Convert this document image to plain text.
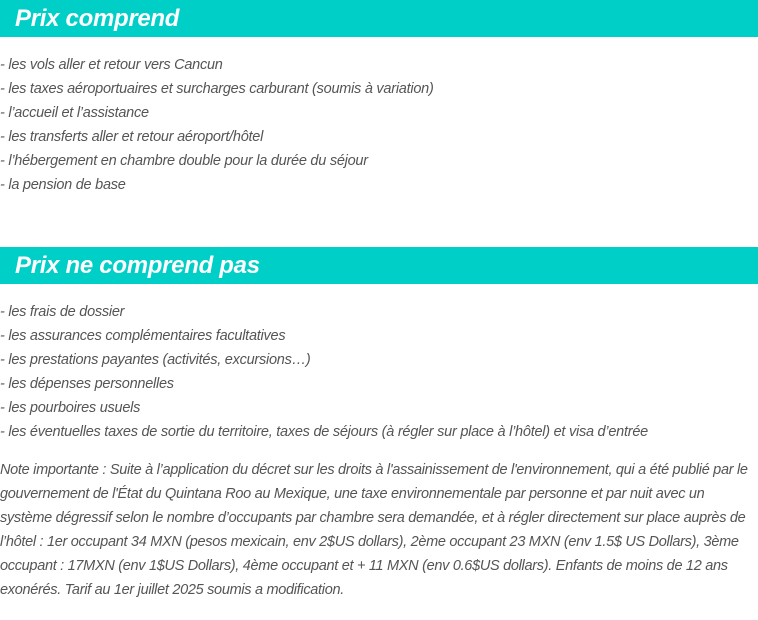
Prix comprend
- les vols aller et retour vers Cancun
- les taxes aéroportuaires et surcharges carburant (soumis à variation)
- l’accueil et l’assistance
- les transferts aller et retour aéroport/hôtel
- l’hébergement en chambre double pour la durée du séjour
- la pension de base
Prix ne comprend pas
- les frais de dossier
- les assurances complémentaires facultatives
- les prestations payantes (activités, excursions…)
- les dépenses personnelles
- les pourboires usuels
- les éventuelles taxes de sortie du territoire, taxes de séjours (à régler sur place à l’hôtel) et visa d’entrée

Note importante : Suite à l’application du décret sur les droits à l'assainissement de l'environnement, qui a été publié par le gouvernement de l'État du Quintana Roo au Mexique, une taxe environnementale par personne et par nuit avec un système dégressif selon le nombre d’occupants par chambre sera demandée, et à régler directement sur place auprès de l’hôtel : 1er occupant 34 MXN (pesos mexicain, env 2$US dollars), 2ème occupant 23 MXN (env 1.5$ US Dollars), 3ème occupant : 17MXN (env 1$US Dollars), 4ème occupant et + 11 MXN (env 0.6$US dollars). Enfants de moins de 12 ans exonérés. Tarif au 1er juillet 2025 soumis a modification.
